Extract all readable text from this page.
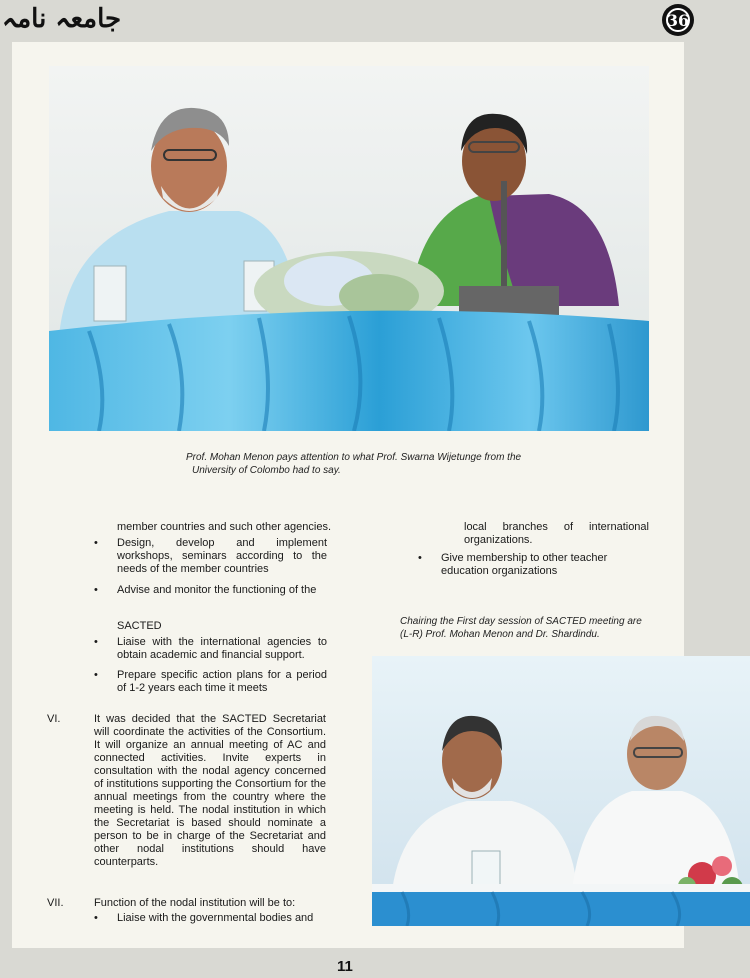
جامعہ نامہ	36
Prof. Mohan Menon pays attention to what Prof. Swarna Wijetunge from the
University of Colombo had to say.
member countries and such other agencies.
• Design, develop and implement workshops, seminars according to the needs of the member countries
• Advise and monitor the functioning of the
SACTED
• Liaise with the international agencies to obtain academic and financial support.
• Prepare specific action plans for a period of 1-2 years each time it meets
VI.	It was decided that the SACTED Secretariat will coordinate the activities of the Consortium. It will organize an annual meeting of AC and connected activities. Invite experts in consultation with the nodal agency concerned of institutions supporting the Consortium for the annual meetings from the country where the meeting is held. The nodal institution in which the Secretariat is based should nominate a person to be in charge of the Secretariat and other nodal institutions should have counterparts.
VII.	Function of the nodal institution will be to:
• Liaise with the governmental bodies and
local branches of international organizations.
• Give membership to other teacher education organizations
Chairing the First day session of SACTED meeting are
(L-R) Prof. Mohan Menon and Dr. Shardindu.
11
